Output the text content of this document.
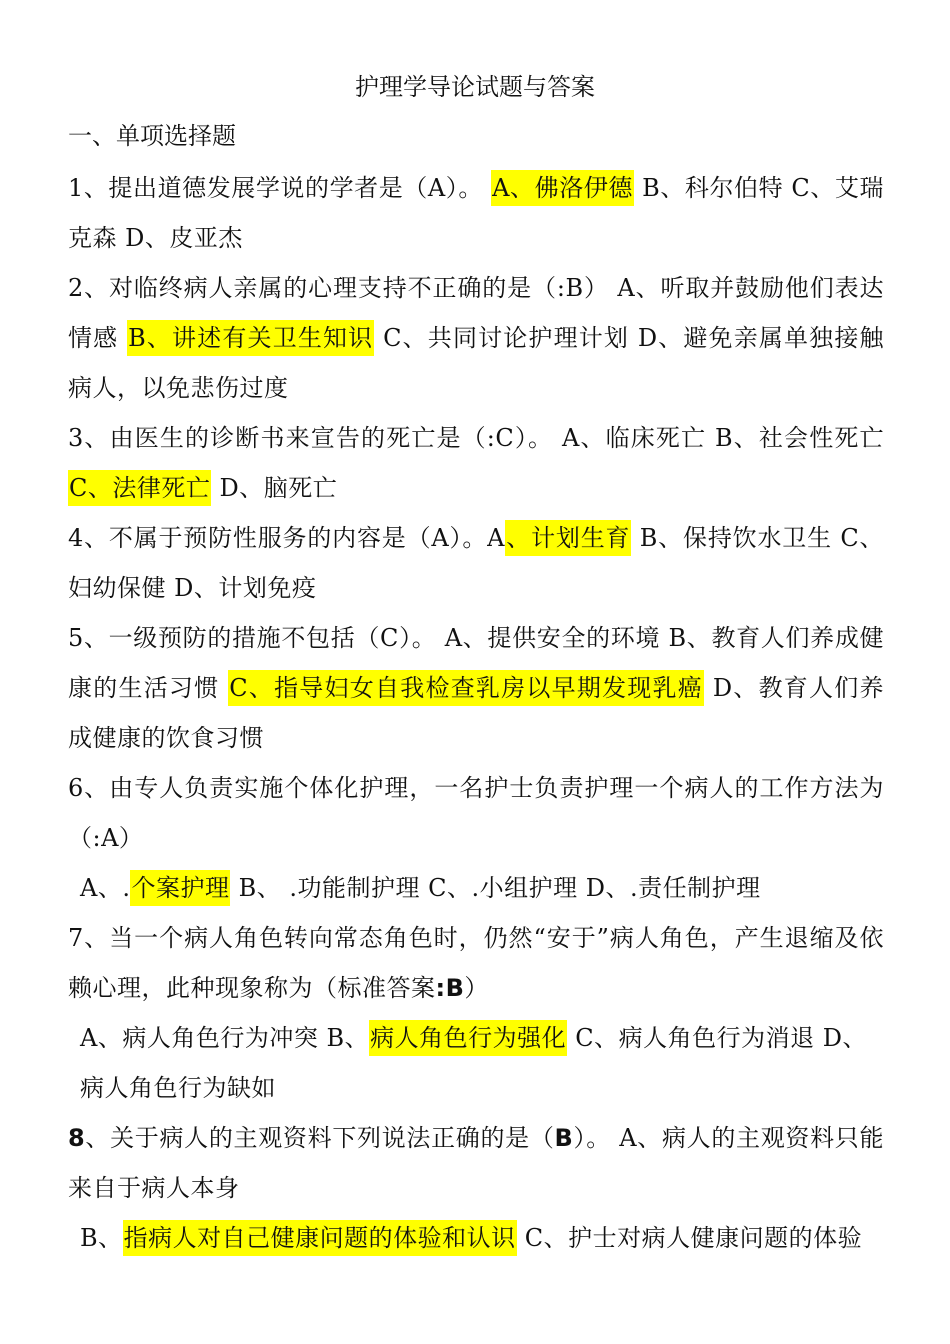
护理学导论试题与答案
一、单项选择题

1、提出道德发展学说的学者是（A）。 A、佛洛伊德 B、科尔伯特 C、艾瑞克森 D、皮亚杰

2、对临终病人亲属的心理支持不正确的是（:B） A、听取并鼓励他们表达情感 B、讲述有关卫生知识 C、共同讨论护理计划 D、避免亲属单独接触病人，以免悲伤过度

3、由医生的诊断书来宣告的死亡是（:C）。 A、临床死亡 B、社会性死亡 C、法律死亡 D、脑死亡

4、不属于预防性服务的内容是（A）。A、计划生育 B、保持饮水卫生 C、妇幼保健 D、计划免疫

5、一级预防的措施不包括（C）。 A、提供安全的环境 B、教育人们养成健康的生活习惯 C、指导妇女自我检查乳房以早期发现乳癌 D、教育人们养成健康的饮食习惯

6、由专人负责实施个体化护理，一名护士负责护理一个病人的工作方法为 （:A）

A、.个案护理 B、 .功能制护理 C、.小组护理 D、.责任制护理

7、当一个病人角色转向常态角色时，仍然“安于”病人角色，产生退缩及依赖心理，此种现象称为（标准答案:B）

A、病人角色行为冲突 B、病人角色行为强化 C、病人角色行为消退 D、病人角色行为缺如

8、关于病人的主观资料下列说法正确的是（B）。 A、病人的主观资料只能来自于病人本身

B、指病人对自己健康问题的体验和认识 C、护士对病人健康问题的体验
